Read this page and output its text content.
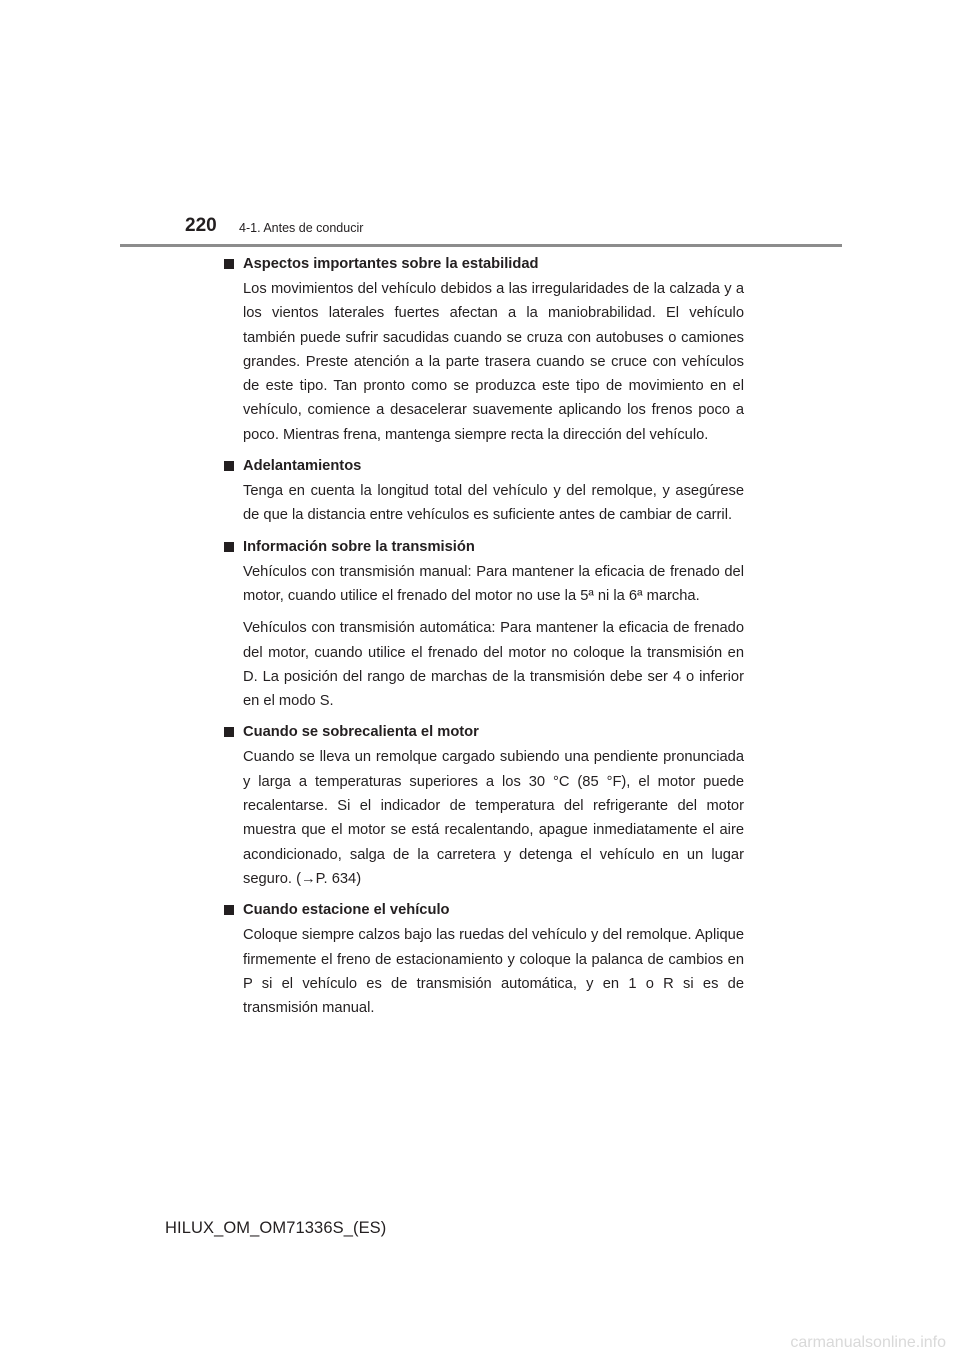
220 4-1. Antes de conducir
Aspectos importantes sobre la estabilidad

Los movimientos del vehículo debidos a las irregularidades de la calzada y a los vientos laterales fuertes afectan a la maniobrabilidad. El vehículo también puede sufrir sacudidas cuando se cruza con autobuses o camiones grandes. Preste atención a la parte trasera cuando se cruce con vehículos de este tipo. Tan pronto como se produzca este tipo de movimiento en el vehículo, comience a desacelerar suavemente aplicando los frenos poco a poco. Mientras frena, mantenga siempre recta la dirección del vehículo.

Adelantamientos

Tenga en cuenta la longitud total del vehículo y del remolque, y asegúrese de que la distancia entre vehículos es suficiente antes de cambiar de carril.

Información sobre la transmisión

Vehículos con transmisión manual: Para mantener la eficacia de frenado del motor, cuando utilice el frenado del motor no use la 5ª ni la 6ª marcha.

Vehículos con transmisión automática: Para mantener la eficacia de frenado del motor, cuando utilice el frenado del motor no coloque la transmisión en D. La posición del rango de marchas de la transmisión debe ser 4 o inferior en el modo S.

Cuando se sobrecalienta el motor

Cuando se lleva un remolque cargado subiendo una pendiente pronunciada y larga a temperaturas superiores a los 30 °C (85 °F), el motor puede recalentarse. Si el indicador de temperatura del refrigerante del motor muestra que el motor se está recalentando, apague inmediatamente el aire acondicionado, salga de la carretera y detenga el vehículo en un lugar seguro. (→P. 634)

Cuando estacione el vehículo

Coloque siempre calzos bajo las ruedas del vehículo y del remolque. Aplique firmemente el freno de estacionamiento y coloque la palanca de cambios en P si el vehículo es de transmisión automática, y en 1 o R si es de transmisión manual.

HILUX_OM_OM71336S_(ES)
carmanualsonline.info
